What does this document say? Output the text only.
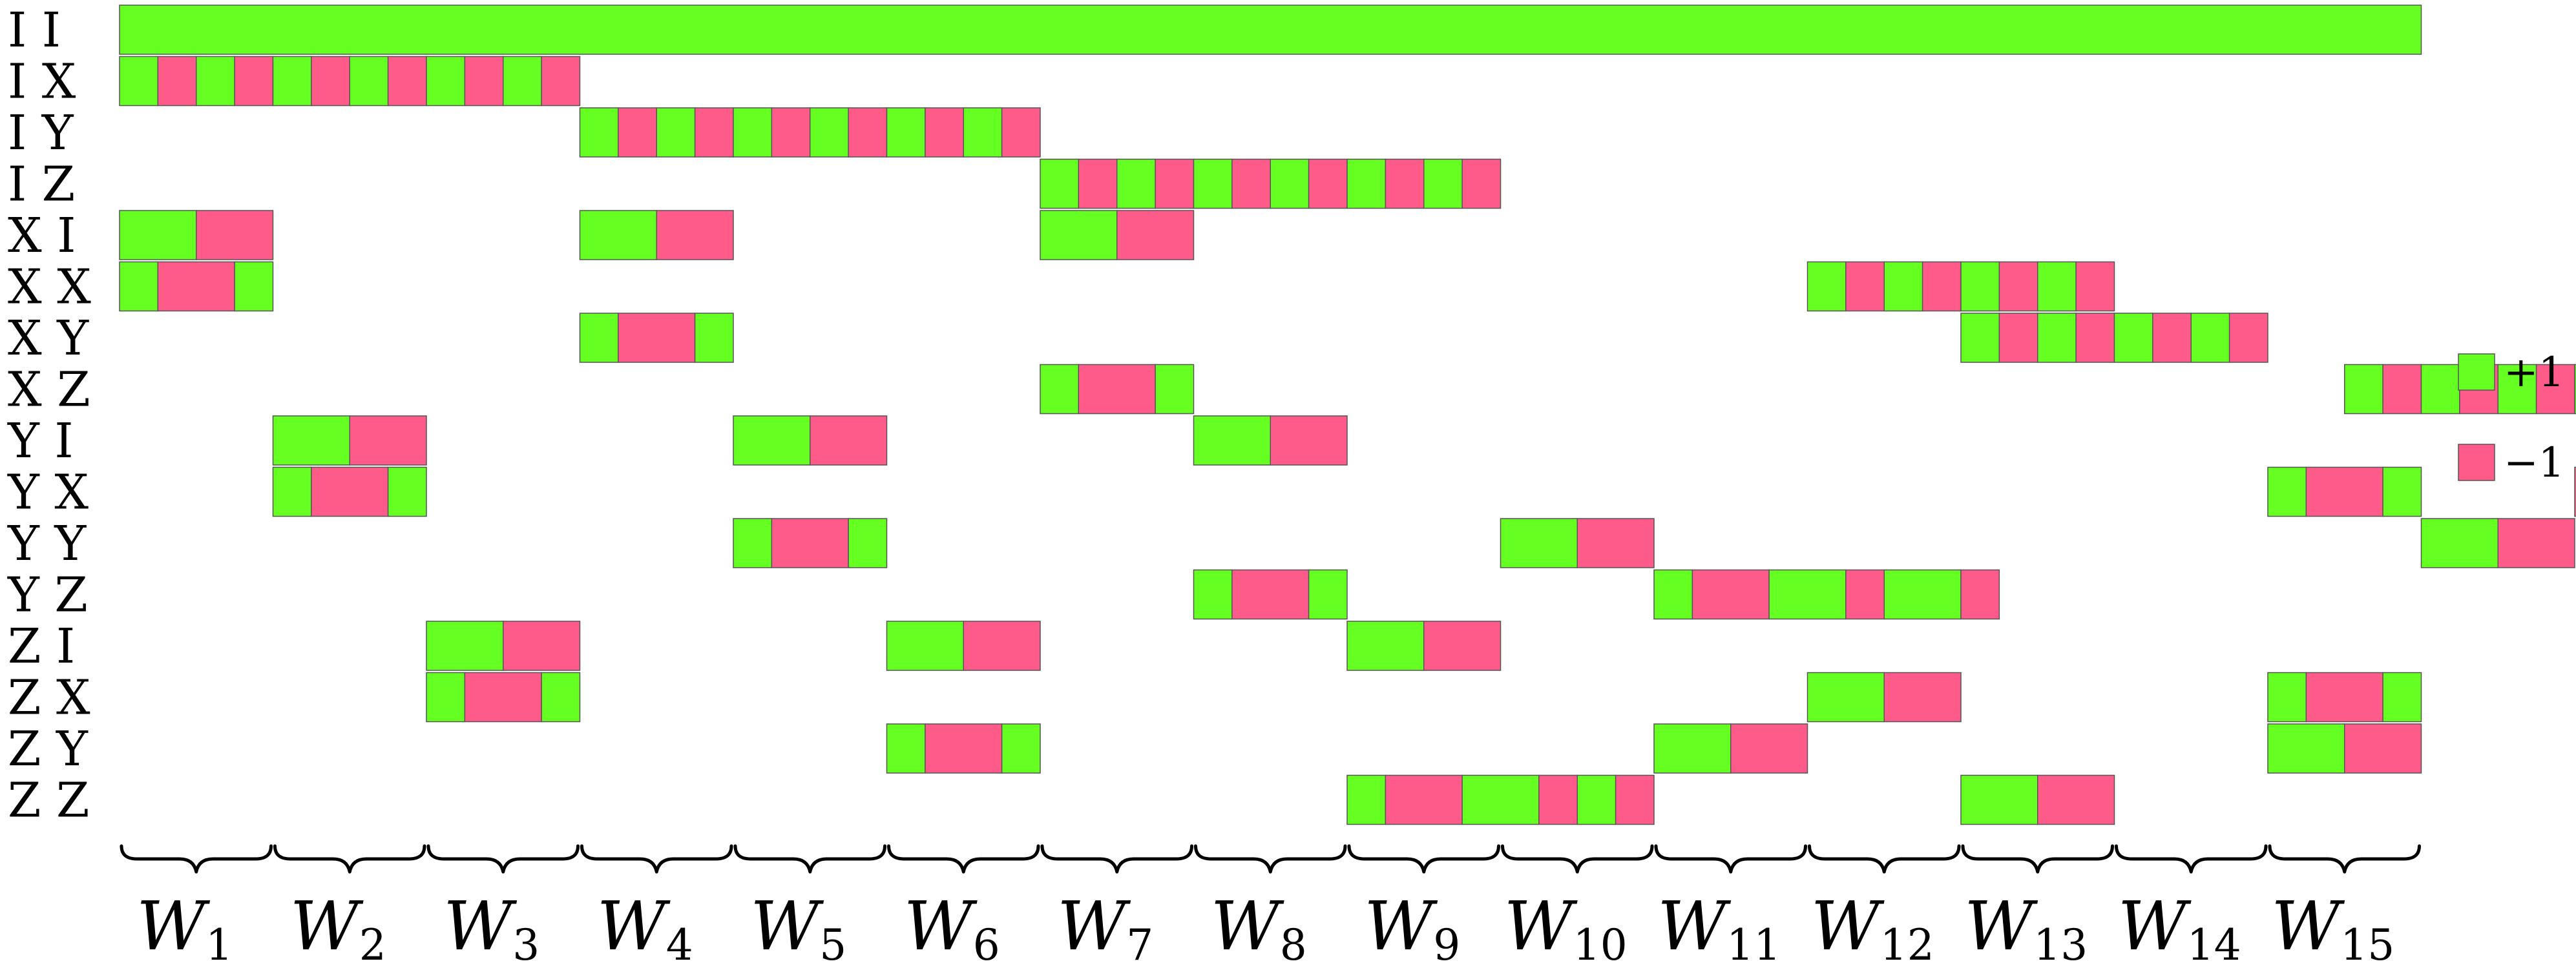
I I
I X
I Y
I Z
X I
X X
X Y
X Z
Y I
Y X
Y Y
Y Z
Z I
Z X
Z Y
Z Z
W1 W2 W3 W4 W5 W6 W7 W8 W9 W10 W11 W12 W13 W14 W15
+1
−1
